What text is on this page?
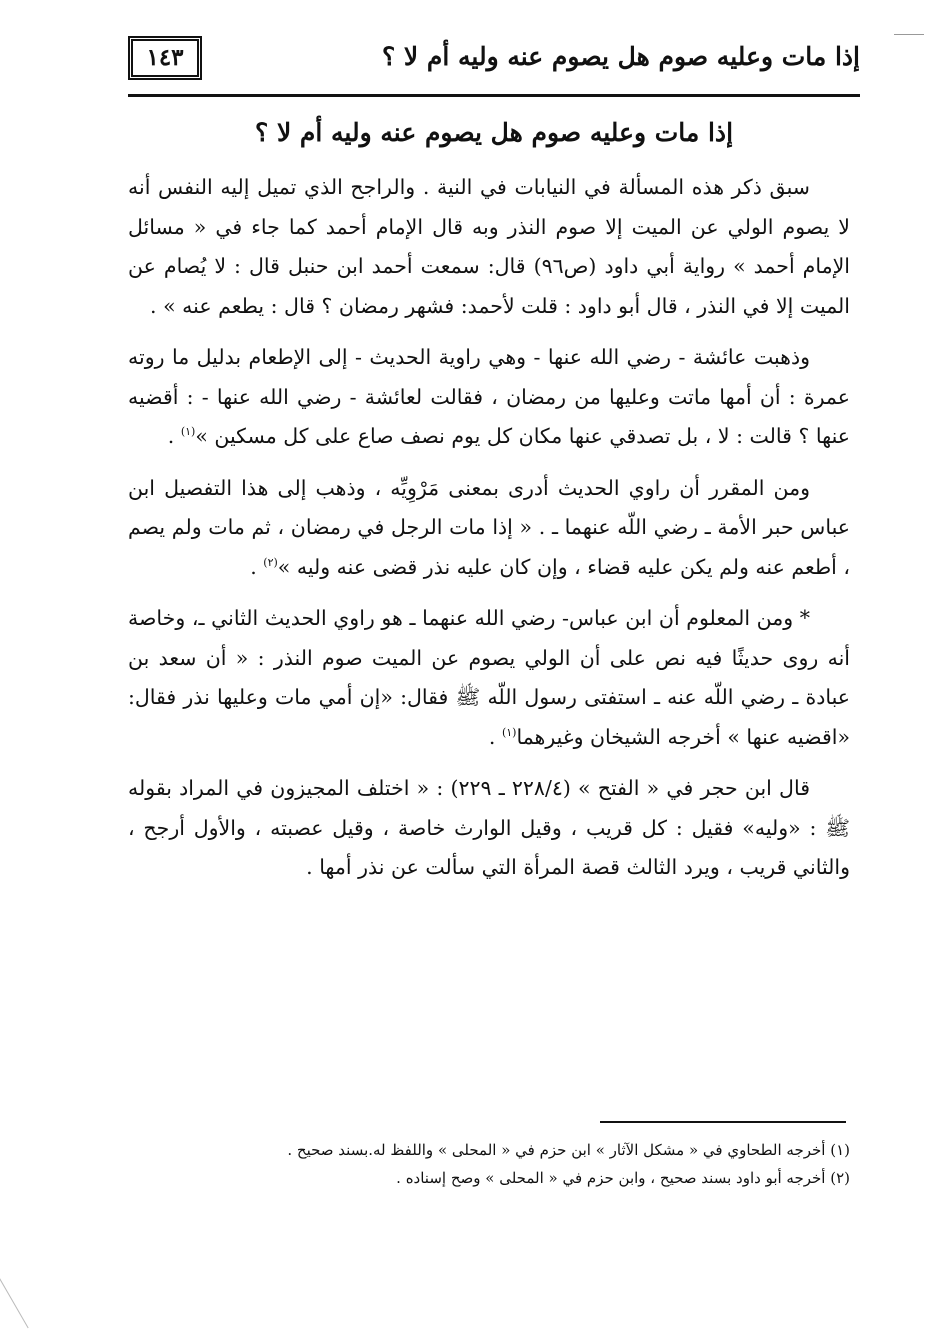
إذا مات وعليه صوم هل يصوم عنه وليه أم لا ؟
١٤٣
إذا مات وعليه صوم هل يصوم عنه وليه أم لا ؟

سبق ذكر هذه المسألة في النيابات في النية . والراجح الذي تميل إليه النفس أنه لا يصوم الولي عن الميت إلا صوم النذر وبه قال الإمام أحمد كما جاء في « مسائل الإمام أحمد » رواية أبي داود (ص٩٦) قال: سمعت أحمد ابن حنبل قال : لا يُصام عن الميت إلا في النذر ، قال أبو داود : قلت لأحمد: فشهر رمضان ؟ قال : يطعم عنه » .

وذهبت عائشة - رضي الله عنها - وهي راوية الحديث - إلى الإطعام بدليل ما روته عمرة : أن أمها ماتت وعليها من رمضان ، فقالت لعائشة - رضي الله عنها - : أقضيه عنها ؟ قالت : لا ، بل تصدقي عنها مكان كل يوم نصف صاع على كل مسكين »$^{(١)}$ .

ومن المقرر أن راوي الحديث أدرى بمعنى مَرْوِيِّه ، وذهب إلى هذا التفصيل ابن عباس حبر الأمة ـ رضي اللّه عنهما ـ . « إذا مات الرجل في رمضان ، ثم مات ولم يصم ، أطعم عنه ولم يكن عليه قضاء ، وإن كان عليه نذر قضى عنه وليه »$^{(٢)}$ .

* ومن المعلوم أن ابن عباس- رضي الله عنهما ـ هو راوي الحديث الثاني ـ، وخاصة أنه روى حديثًا فيه نص على أن الولي يصوم عن الميت صوم النذر : « أن سعد بن عبادة ـ رضي اللّه عنه ـ استفتى رسول اللّه ﷺ فقال: «إن أمي مات وعليها نذر فقال: «اقضيه عنها » أخرجه الشيخان وغيرهما$^{(١)}$ .

قال ابن حجر في « الفتح » (٢٢٨/٤ ـ ٢٢٩) : « اختلف المجيزون في المراد بقوله ﷺ : «وليه» فقيل : كل قريب ، وقيل الوارث خاصة ، وقيل عصبته ، والأول أرجح ، والثاني قريب ، ويرد الثالث قصة المرأة التي سألت عن نذر أمها .

(١) أخرجه الطحاوي في « مشكل الآثار » ابن حزم في « المحلى » واللفظ له.بسند صحيح .

(٢) أخرجه أبو داود بسند صحيح ، وابن حزم في « المحلى » وصح إسناده .
